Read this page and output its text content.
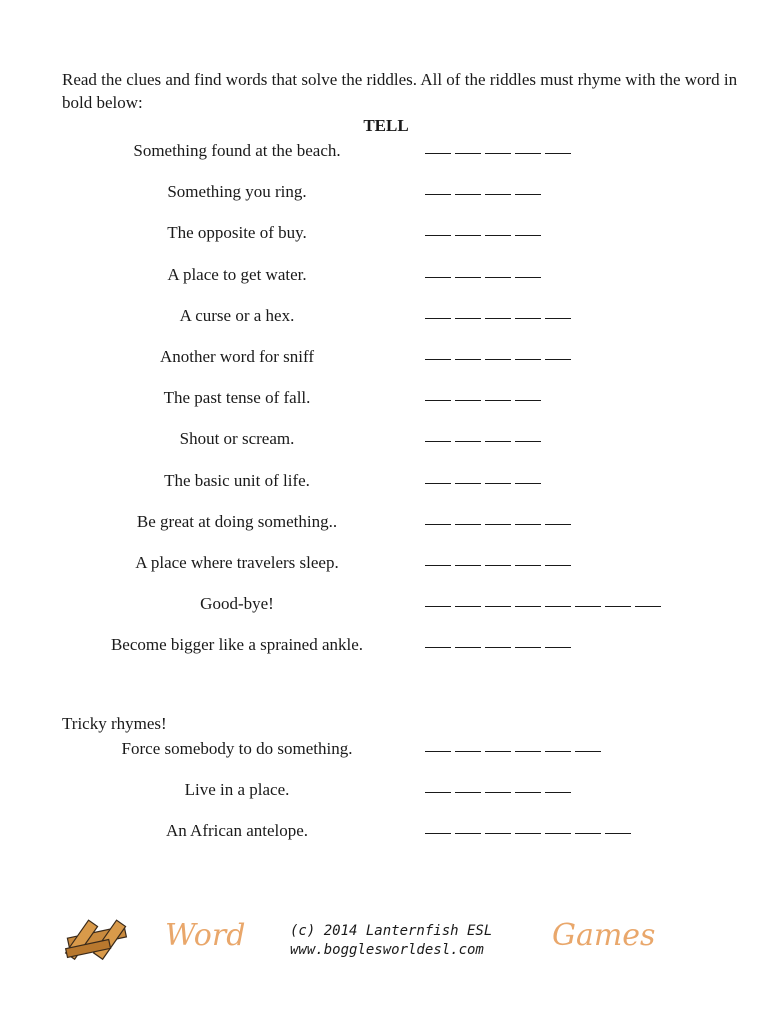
Read the clues and find words that solve the riddles. All of the riddles must rhyme with the word in bold below:
TELL
Something found at the beach.
Something you ring.
The opposite of buy.
A place to get water.
A curse or a hex.
Another word for sniff
The past tense of fall.
Shout or scream.
The basic unit of life.
Be great at doing something..
A place where travelers sleep.
Good-bye!
Become bigger like a sprained ankle.
Tricky rhymes!
Force somebody to do something.
Live in a place.
An African antelope.
Word	(c) 2014 Lanternfish ESL
www.bogglesworldesl.com Games
